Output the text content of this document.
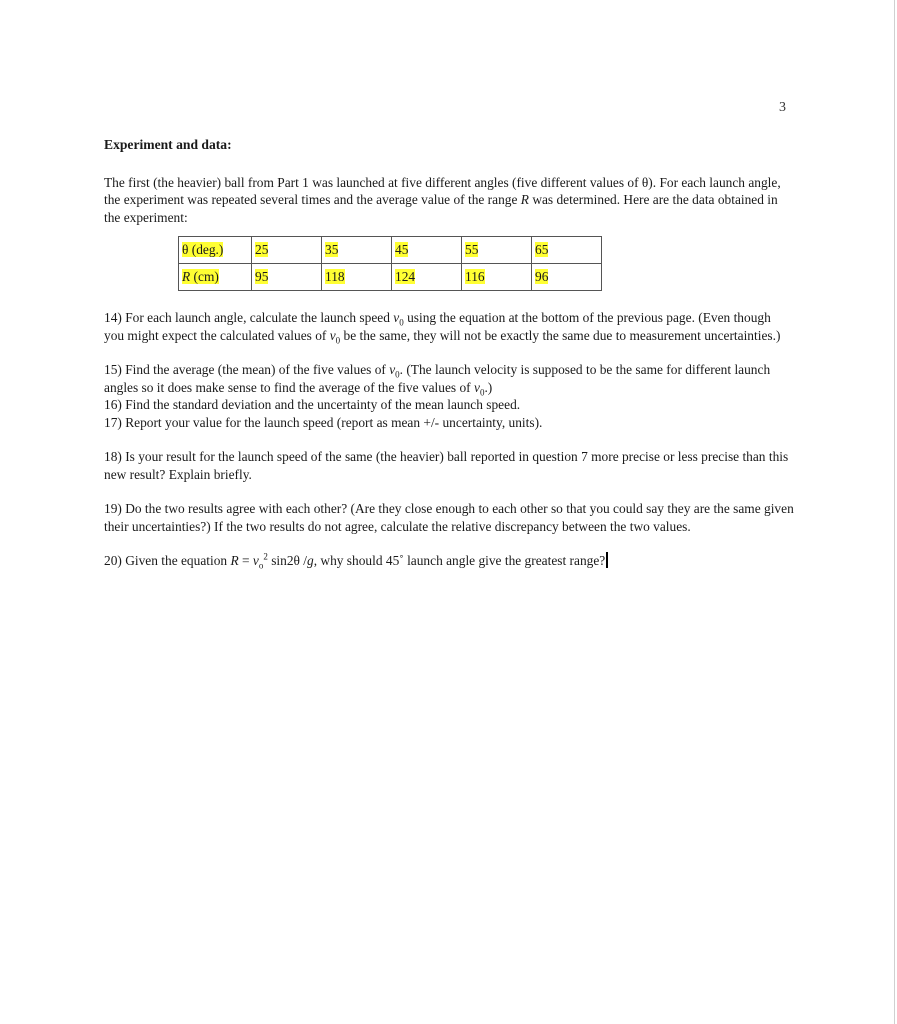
3

Experiment and data:

The first (the heavier) ball from Part 1 was launched at five different angles (five different values of θ). For each launch angle, the experiment was repeated several times and the average value of the range R was determined. Here are the data obtained in the experiment:

θ (deg.)	25	35	45	55	65
R (cm)	95	118	124	116	96

14) For each launch angle, calculate the launch speed $v_0$ using the equation at the bottom of the previous page. (Even though you might expect the calculated values of $v_0$ be the same, they will not be exactly the same due to measurement uncertainties.)

15) Find the average (the mean) of the five values of $v_0$. (The launch velocity is supposed to be the same for different launch angles so it does make sense to find the average of the five values of $v_0$.)

16) Find the standard deviation and the uncertainty of the mean launch speed.

17) Report your value for the launch speed (report as mean +/- uncertainty, units).

18) Is your result for the launch speed of the same (the heavier) ball reported in question 7 more precise or less precise than this new result? Explain briefly.

19) Do the two results agree with each other? (Are they close enough to each other so that you could say they are the same given their uncertainties?) If the two results do not agree, calculate the relative discrepancy between the two values.

20) Given the equation $R = v_o^2$ sin2θ /g, why should 45˚ launch angle give the greatest range?
